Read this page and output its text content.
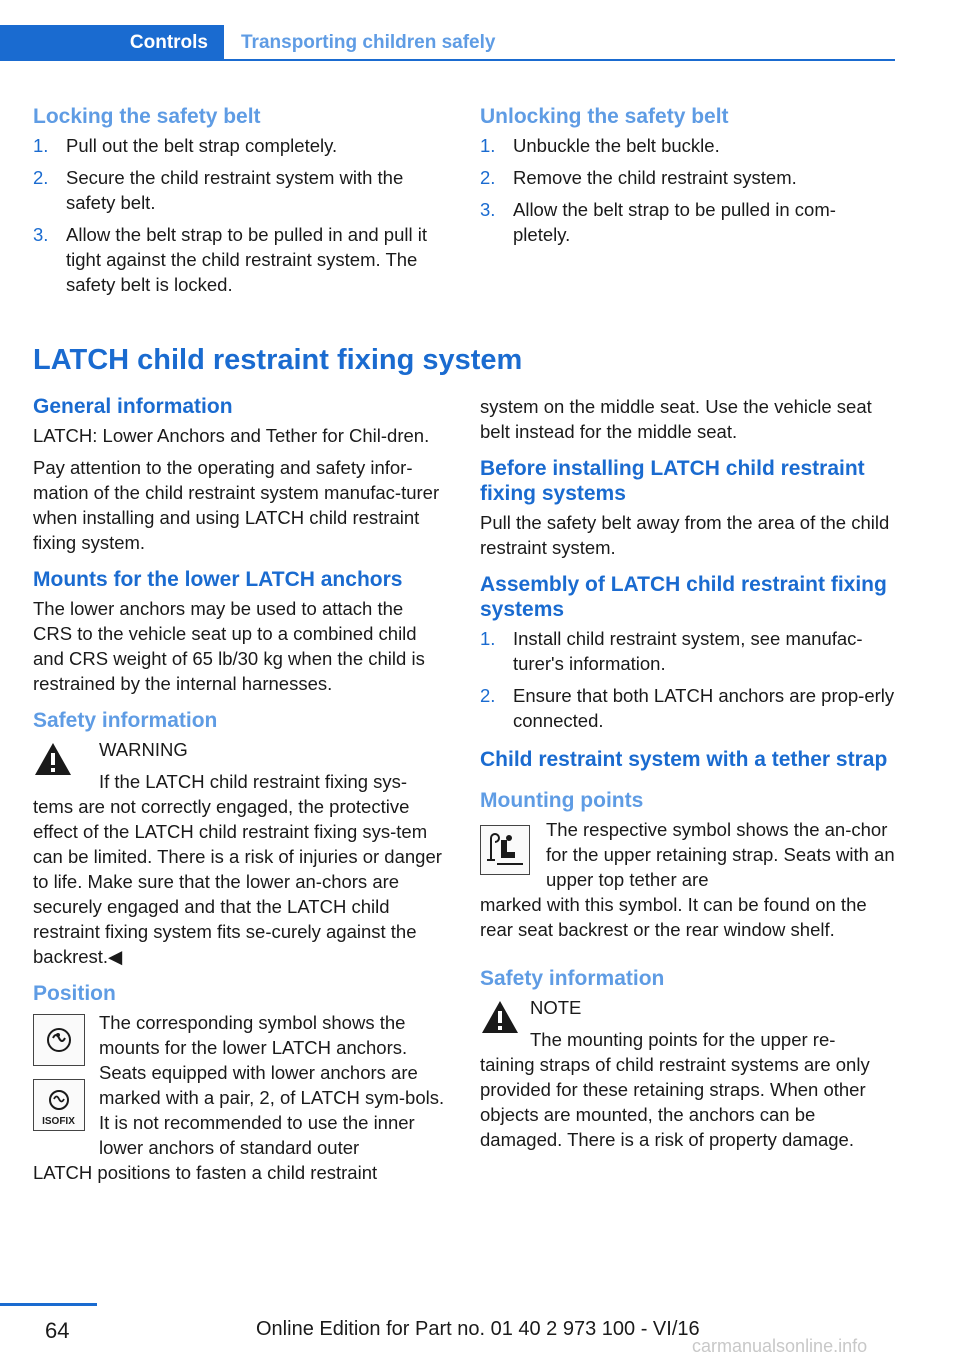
Controls	Transporting children safely
Locking the safety belt
1. Pull out the belt strap completely.
2. Secure the child restraint system with the safety belt.
3. Allow the belt strap to be pulled in and pull it tight against the child restraint system. The safety belt is locked.
Unlocking the safety belt
1. Unbuckle the belt buckle.
2. Remove the child restraint system.
3. Allow the belt strap to be pulled in com-pletely.
LATCH child restraint fixing system
General information

LATCH: Lower Anchors and Tether for Chil-dren.

Pay attention to the operating and safety infor-mation of the child restraint system manufac-turer when installing and using LATCH child restraint fixing system.

Mounts for the lower LATCH anchors

The lower anchors may be used to attach the CRS to the vehicle seat up to a combined child and CRS weight of 65 lb/30 kg when the child is restrained by the internal harnesses.

Safety information

WARNING

If the LATCH child restraint fixing sys-

tems are not correctly engaged, the protective effect of the LATCH child restraint fixing sys-tem can be limited. There is a risk of injuries or danger to life. Make sure that the lower an-chors are securely engaged and that the LATCH child restraint fixing system fits se-curely against the backrest.◀

Position
ISOFIX

The corresponding symbol shows the mounts for the lower LATCH anchors. Seats equipped with lower anchors are marked with a pair, 2, of LATCH sym-bols. It is not recommended to use the inner lower anchors of standard outer

LATCH positions to fasten a child restraint

system on the middle seat. Use the vehicle seat belt instead for the middle seat.

Before installing LATCH child restraint fixing systems

Pull the safety belt away from the area of the child restraint system.

Assembly of LATCH child restraint fixing systems
1. Install child restraint system, see manufac-turer's information.
2. Ensure that both LATCH anchors are prop-erly connected.
Child restraint system with a tether strap
Mounting points

The respective symbol shows the an-chor for the upper retaining strap. Seats with an upper top tether are

marked with this symbol. It can be found on the rear seat backrest or the rear window shelf.

Safety information

NOTE

The mounting points for the upper re-

taining straps of child restraint systems are only provided for these retaining straps. When other objects are mounted, the anchors can be damaged. There is a risk of property damage.

64	Online Edition for Part no. 01 40 2 973 100 - VI/16
carmanualsonline.info
